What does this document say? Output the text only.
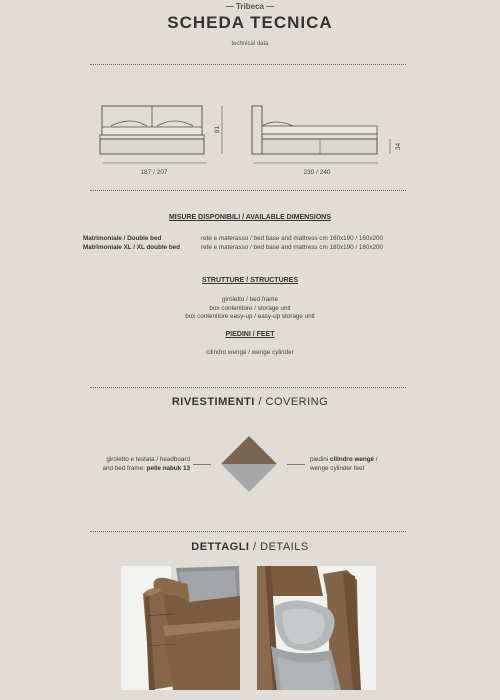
— Tribeca —
SCHEDA TECNICA
technical data
187 / 207
91
230 / 240
34
MISURE DISPONIBILI / AVAILABLE DIMENSIONS
Matrimoniale / Double bed	rete e materasso / bed base and mattress cm 160x190 / 160x200
Matrimoniale XL / XL double bed	rete e materasso / bed base and mattress cm 180x190 / 180x200
STRUTTURE / STRUCTURES
giroletto / bed frame
box contenitore / storage unit
box contenitore easy-up / easy-up storage unit
PIEDINI / FEET
cilindro wengé / wenge cylinder
RIVESTIMENTI / COVERING
giroletto e testata / headboard
and bed frame: pelle nabuk 13
piedini cilindro wengé /
wenge cylinder feet
DETTAGLI / DETAILS
